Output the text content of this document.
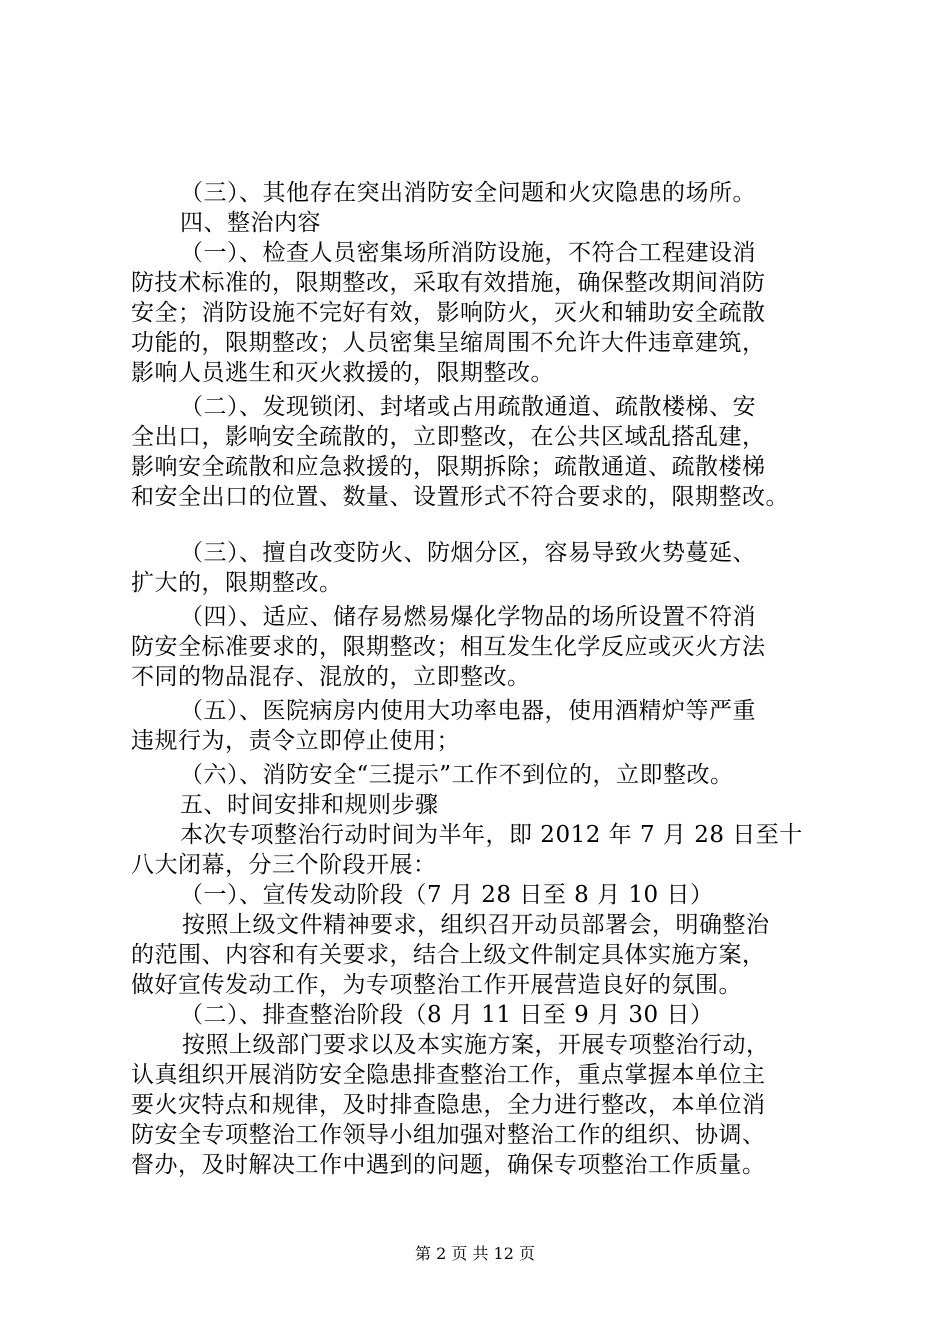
（三）、其他存在突出消防安全问题和火灾隐患的场所。
四、整治内容
（一）、检查人员密集场所消防设施，不符合工程建设消
防技术标准的，限期整改，采取有效措施，确保整改期间消防
安全；消防设施不完好有效，影响防火，灭火和辅助安全疏散
功能的，限期整改；人员密集呈缩周围不允许大件违章建筑，
影响人员逃生和灭火救援的，限期整改。
（二）、发现锁闭、封堵或占用疏散通道、疏散楼梯、安
全出口，影响安全疏散的，立即整改，在公共区域乱搭乱建，
影响安全疏散和应急救援的，限期拆除；疏散通道、疏散楼梯
和安全出口的位置、数量、设置形式不符合要求的，限期整改。
（三）、擅自改变防火、防烟分区，容易导致火势蔓延、
扩大的，限期整改。
（四）、适应、储存易燃易爆化学物品的场所设置不符消
防安全标准要求的，限期整改；相互发生化学反应或灭火方法
不同的物品混存、混放的，立即整改。
（五）、医院病房内使用大功率电器，使用酒精炉等严重
违规行为，责令立即停止使用；
（六）、消防安全“三提示”工作不到位的，立即整改。
五、时间安排和规则步骤
本次专项整治行动时间为半年，即 2012 年 7 月 28 日至十
八大闭幕，分三个阶段开展：
（一）、宣传发动阶段（7 月 28 日至 8 月 10 日）
按照上级文件精神要求，组织召开动员部署会，明确整治
的范围、内容和有关要求，结合上级文件制定具体实施方案，
做好宣传发动工作，为专项整治工作开展营造良好的氛围。
（二）、排查整治阶段（8 月 11 日至 9 月 30 日）
按照上级部门要求以及本实施方案，开展专项整治行动，
认真组织开展消防安全隐患排查整治工作，重点掌握本单位主
要火灾特点和规律，及时排查隐患，全力进行整改，本单位消
防安全专项整治工作领导小组加强对整治工作的组织、协调、
督办，及时解决工作中遇到的问题，确保专项整治工作质量。
第 2 页 共 12 页
